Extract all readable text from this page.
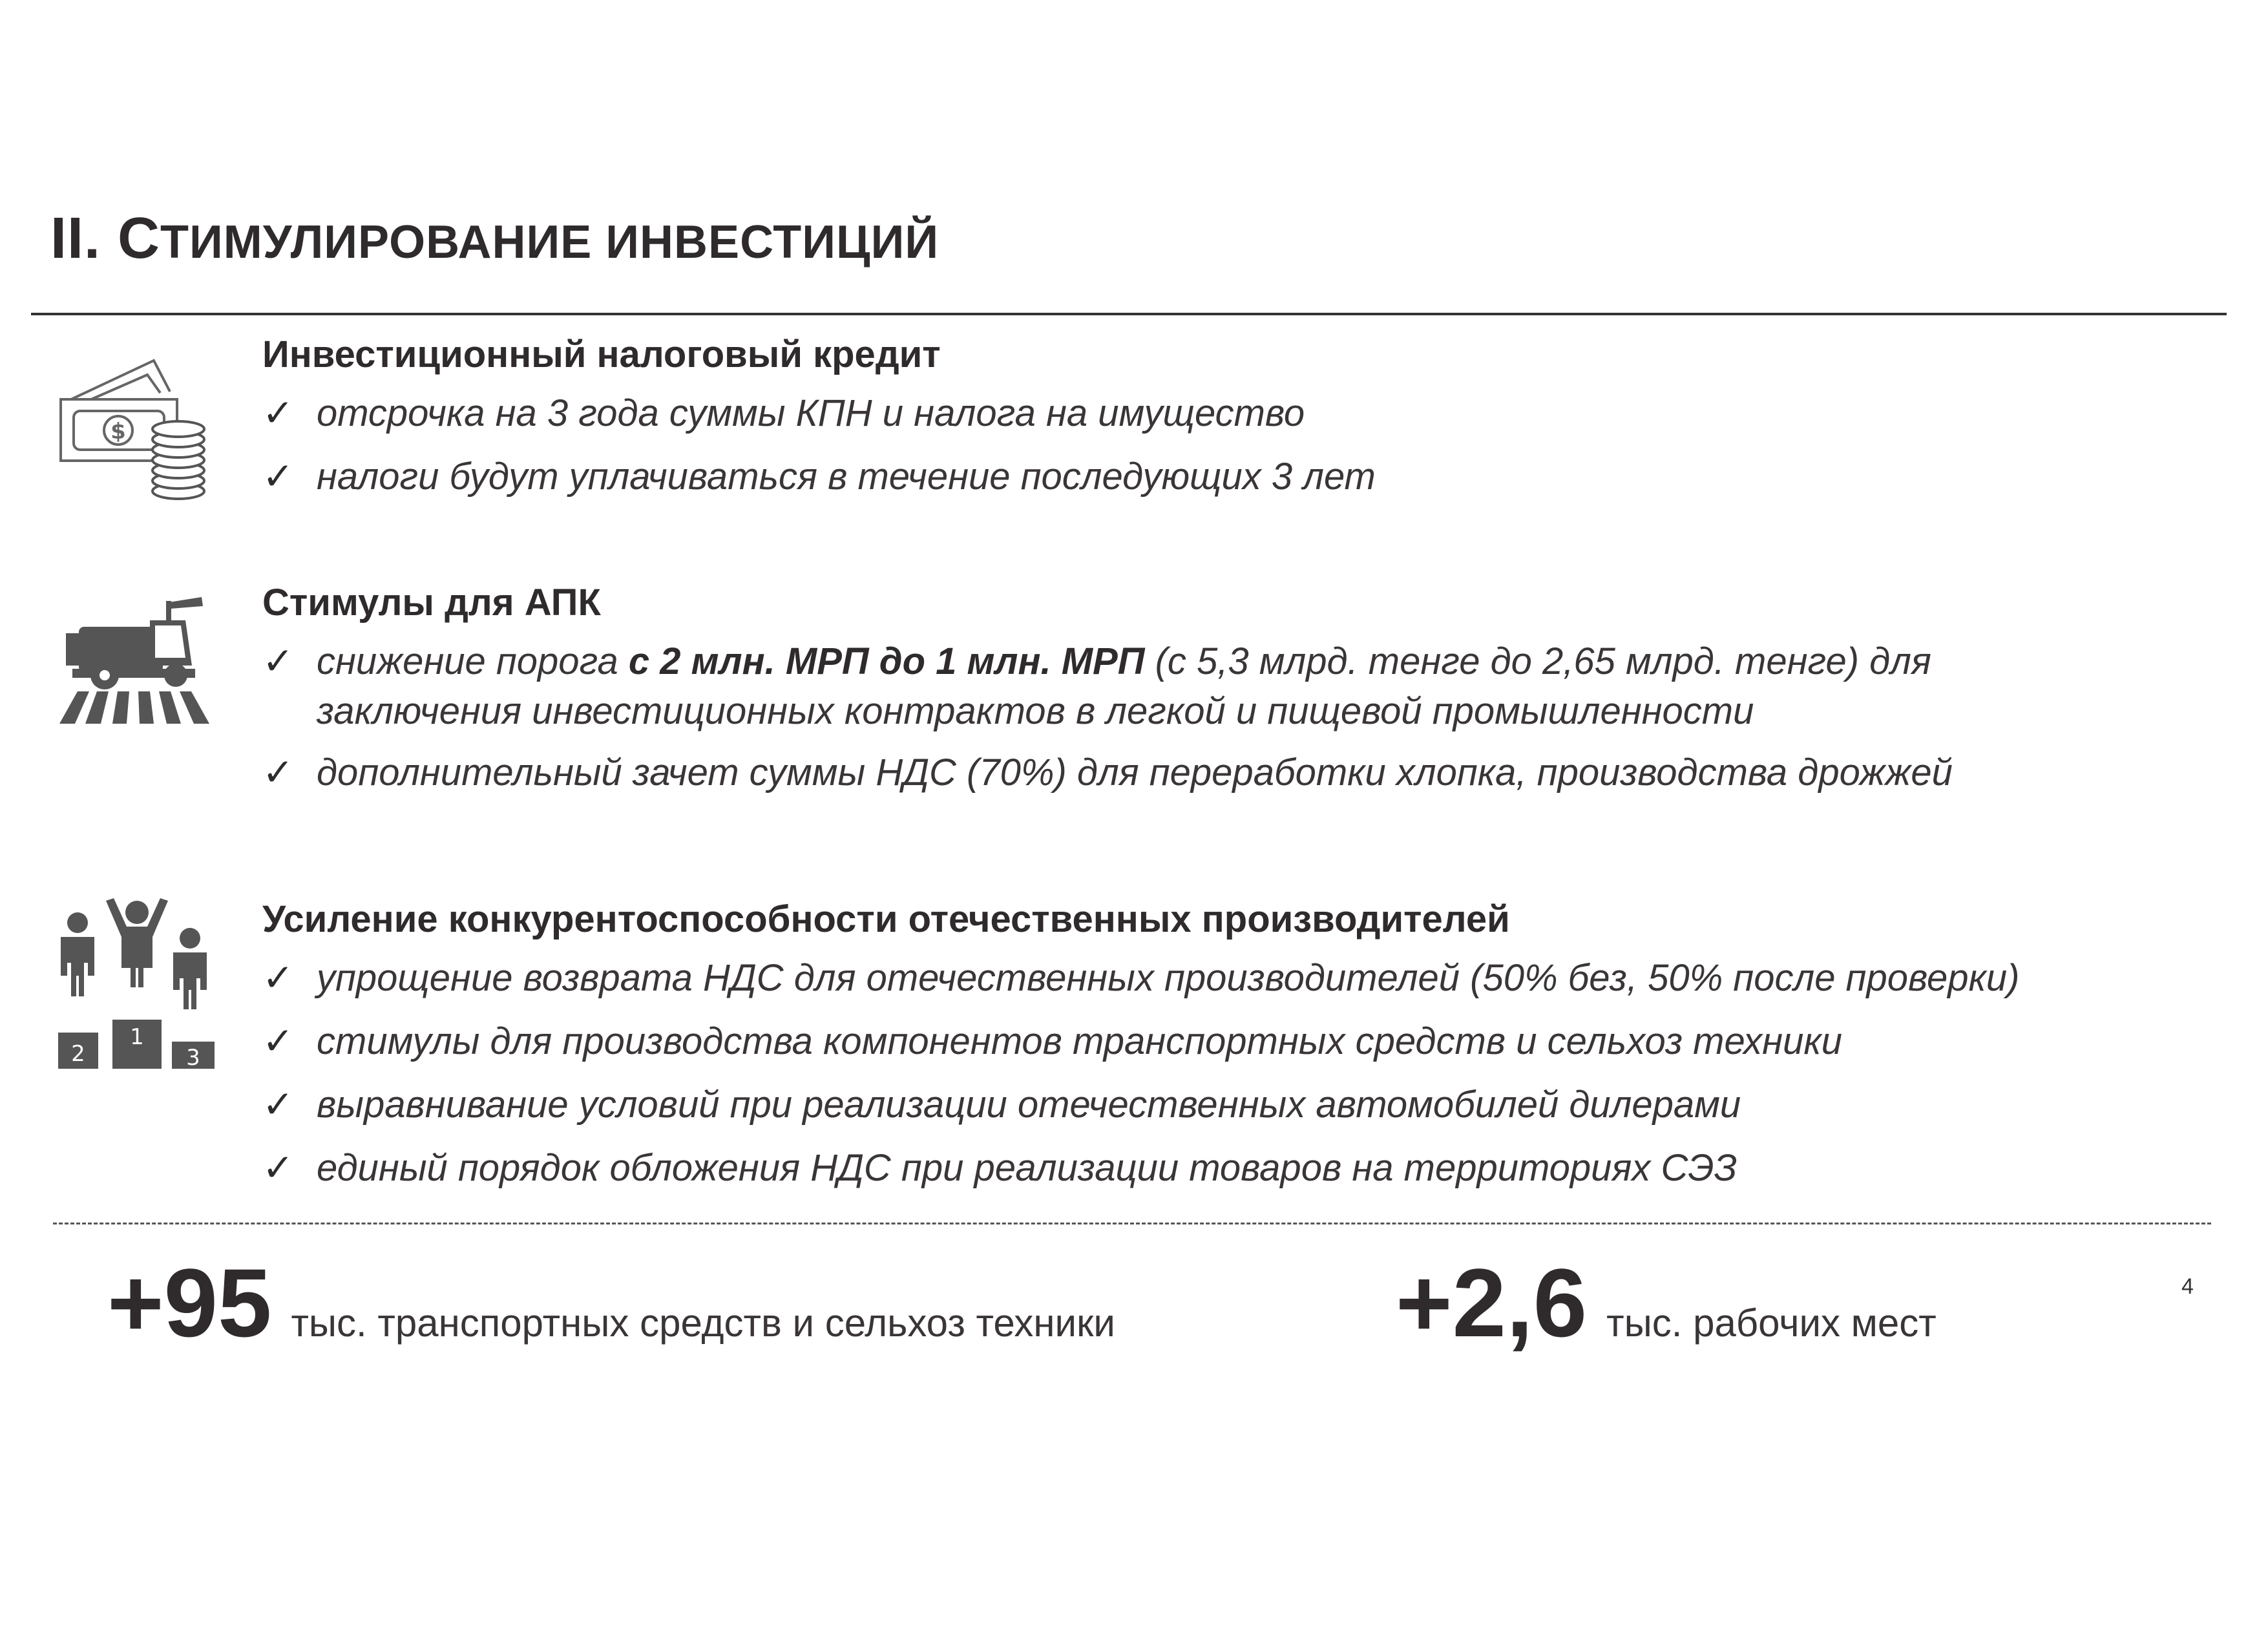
II. СТИМУЛИРОВАНИЕ ИНВЕСТИЦИЙ
$
Инвестиционный налоговый кредит
✓ отсрочка на 3 года суммы КПН и налога на имущество
✓ налоги будут уплачиваться в течение последующих 3 лет
Стимулы для АПК
✓ снижение порога с 2 млн. МРП до 1 млн. МРП (с 5,3 млрд. тенге до 2,65 млрд. тенге) для
заключения инвестиционных контрактов в легкой и пищевой промышленности
✓ дополнительный зачет суммы НДС (70%) для переработки хлопка, производства дрожжей
2
1
3
Усиление конкурентоспособности отечественных производителей
✓ упрощение возврата НДС для отечественных производителей (50% без, 50% после проверки)
✓ стимулы для производства компонентов транспортных средств и сельхоз техники
✓ выравнивание условий при реализации отечественных автомобилей дилерами
✓ единый порядок обложения НДС при реализации товаров на территориях СЭЗ
+95 тыс. транспортных средств и сельхоз техники	+2,6 тыс. рабочих мест
4
